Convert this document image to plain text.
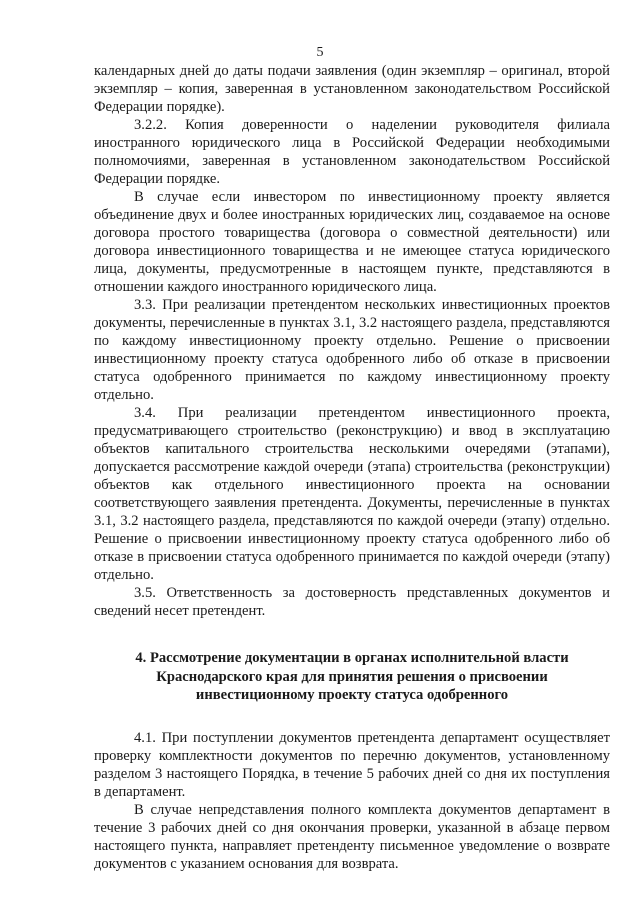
5

календарных дней до даты подачи заявления (один экземпляр – оригинал, второй экземпляр – копия, заверенная в установленном законодательством Российской Федерации порядке).

3.2.2. Копия доверенности о наделении руководителя филиала иностранного юридического лица в Российской Федерации необходимыми полномочиями, заверенная в установленном законодательством Российской Федерации порядке.

В случае если инвестором по инвестиционному проекту является объединение двух и более иностранных юридических лиц, создаваемое на основе договора простого товарищества (договора о совместной деятельности) или договора инвестиционного товарищества и не имеющее статуса юридического лица, документы, предусмотренные в настоящем пункте, представляются в отношении каждого иностранного юридического лица.

3.3. При реализации претендентом нескольких инвестиционных проектов документы, перечисленные в пунктах 3.1, 3.2 настоящего раздела, представляются по каждому инвестиционному проекту отдельно. Решение о присвоении инвестиционному проекту статуса одобренного либо об отказе в присвоении статуса одобренного принимается по каждому инвестиционному проекту отдельно.

3.4. При реализации претендентом инвестиционного проекта, предусматривающего строительство (реконструкцию) и ввод в эксплуатацию объектов капитального строительства несколькими очередями (этапами), допускается рассмотрение каждой очереди (этапа) строительства (реконструкции) объектов как отдельного инвестиционного проекта на основании соответствующего заявления претендента. Документы, перечисленные в пунктах 3.1, 3.2 настоящего раздела, представляются по каждой очереди (этапу) отдельно. Решение о присвоении инвестиционному проекту статуса одобренного либо об отказе в присвоении статуса одобренного принимается по каждой очереди (этапу) отдельно.

3.5. Ответственность за достоверность представленных документов и сведений несет претендент.

4. Рассмотрение документации в органах исполнительной власти
Краснодарского края для принятия решения о присвоении
инвестиционному проекту статуса одобренного

4.1. При поступлении документов претендента департамент осуществляет проверку комплектности документов по перечню документов, установленному разделом 3 настоящего Порядка, в течение 5 рабочих дней со дня их поступления в департамент.

В случае непредставления полного комплекта документов департамент в течение 3 рабочих дней со дня окончания проверки, указанной в абзаце первом настоящего пункта, направляет претенденту письменное уведомление о возврате документов с указанием основания для возврата.
